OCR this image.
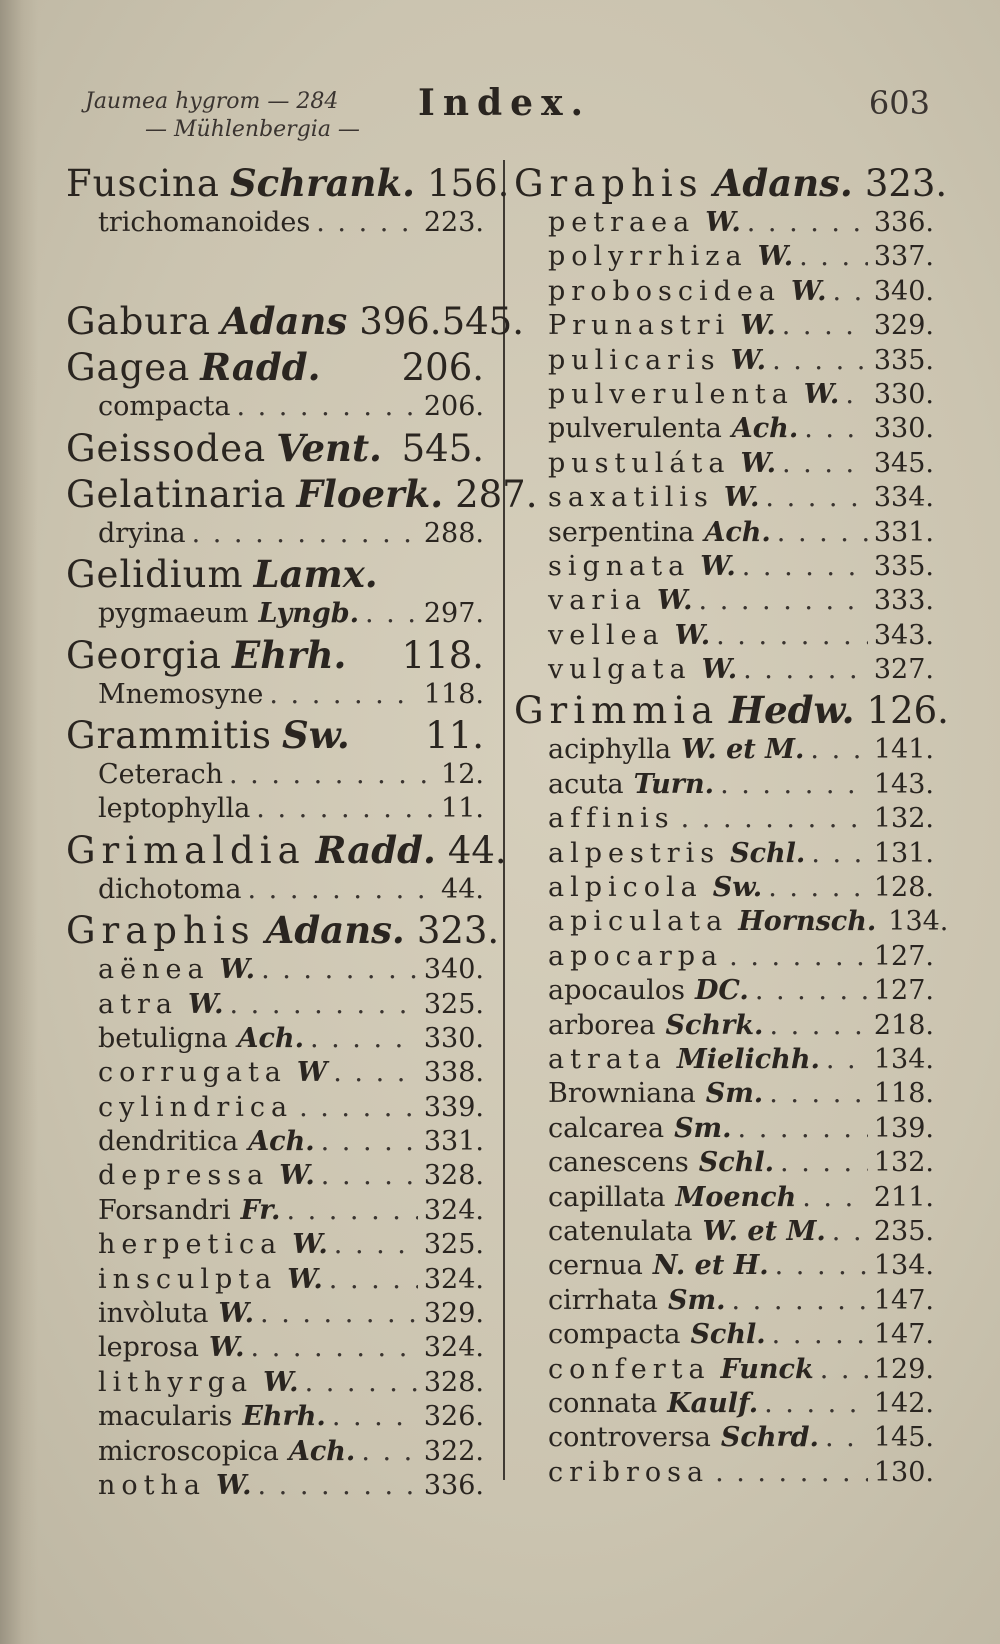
Jaumea hygrom — 284
— Mühlenbergia —
Index.	603
Fuscina Schrank. 156.
trichomanoides . . .	223.
Gabura Adans 396.545.
Gagea Radd. 206.
compacta . . .	206.
Geissodea Vent. 545.
Gelatinaria Floerk. 287.
dryina . . .	288.
Gelidium Lamx.
pygmaeum Lyngb. . . . 297.
Georgia Ehrh. 118.
Mnemosyne . . .	118.
Grammitis Sw. 11.
Ceterach . . .	12.
leptophylla . . .	11.
Grimaldia Radd. 44.
dichotoma . . .	44.
Graphis Adans. 323.
aënea W. . . .	340.
atra W. . . .	325.
betuligna Ach. . . .	330.
corrugata W . . .	338.
cylindrica . . .	339.
dendritica Ach. . . .	331.
depressa W. . . .	328.
Forsandri Fr. . . .	324.
herpetica W. . . .	325.
insculpta W. . . .	324.
invòluta W. . . .	329.
leprosa W. . . .	324.
lithyrga W. . . .	328.
macularis Ehrh. . . .	326.
microscopica Ach. . . .	322.
notha W. . . .	336.
Graphis Adans. 323.
petraea W. . . .	336.
polyrrhiza W. . . .	337.
proboscidea W. . . . 340.
Prunastri W. . . .	329.
pulicaris W. . . .	335.
pulverulenta W. . . . 330.
pulverulenta Ach. . . .	330.
pustuláta W. . . .	345.
saxatilis W. . . .	334.
serpentina Ach. . . .	331.
signata W. . . .	335.
varia W. . . .	333.
vellea W. . . .	343.
vulgata W. . . .	327.
Grimmia Hedw. 126.
aciphylla W. et M. . . .	141.
acuta Turn. . . .	143.
affinis . . .	132.
alpestris Schl. . . .	131.
alpicola Sw. . . .	128.
apiculata Hornsch. 134.
apocarpa . . .	127.
apocaulos DC. . . .	127.
arborea Schrk. . . .	218.
atrata Mielichh. . . . 134.
Browniana Sm. . . .	118.
calcarea Sm. . . .	139.
canescens Schl. . . .	132.
capillata Moench . . .	211.
catenulata W. et M. . . . 235.
cernua N. et H. . . .	134.
cirrhata Sm. . . .	147.
compacta Schl. . . .	147.
conferta Funck . . . 129.
connata Kaulf. . . .	142.
controversa Schrd. . . . 145.
cribrosa . . .	130.
